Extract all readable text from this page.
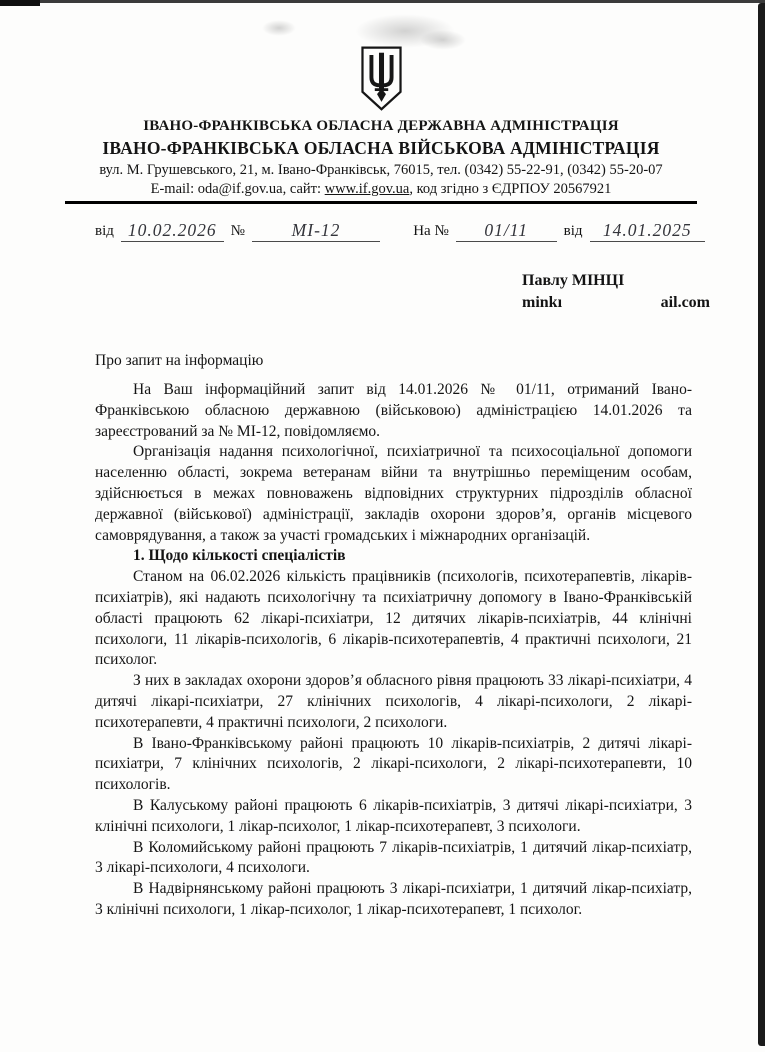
ІВАНО-ФРАНКІВСЬКА ОБЛАСНА ДЕРЖАВНА АДМІНІСТРАЦІЯ
ІВАНО-ФРАНКІВСЬКА ОБЛАСНА ВІЙСЬКОВА АДМІНІСТРАЦІЯ
вул. М. Грушевського, 21, м. Івано-Франківськ, 76015, тел. (0342) 55-22-91, (0342) 55-20-07
E-mail: oda@if.gov.ua, сайт: www.if.gov.ua, код згідно з ЄДРПОУ 20567921
від 10.02.2026 №	МІ-12	На №	01/11	від	14.01.2025
Павлу МІНЦІ
minkı	ail.com
Про запит на інформацію

На Ваш інформаційний запит від 14.01.2026 № 01/11, отриманий Івано-Франківською обласною державною (військовою) адміністрацією 14.01.2026 та зареєстрований за № МІ-12, повідомляємо.

Організація надання психологічної, психіатричної та психосоціальної допомоги населенню області, зокрема ветеранам війни та внутрішньо переміщеним особам, здійснюється в межах повноважень відповідних структурних підрозділів обласної державної (військової) адміністрації, закладів охорони здоров’я, органів місцевого самоврядування, а також за участі громадських і міжнародних організацій.

1. Щодо кількості спеціалістів

Станом на 06.02.2026 кількість працівників (психологів, психотерапевтів, лікарів-психіатрів), які надають психологічну та психіатричну допомогу в Івано-Франківській області працюють 62 лікарі-психіатри, 12 дитячих лікарів-психіатрів, 44 клінічні психологи, 11 лікарів-психологів, 6 лікарів-психотерапевтів, 4 практичні психологи, 21 психолог.

З них в закладах охорони здоров’я обласного рівня працюють 33 лікарі-психіатри, 4 дитячі лікарі-психіатри, 27 клінічних психологів, 4 лікарі-психологи, 2 лікарі-психотерапевти, 4 практичні психологи, 2 психологи.

В Івано-Франківському районі працюють 10 лікарів-психіатрів, 2 дитячі лікарі-психіатри, 7 клінічних психологів, 2 лікарі-психологи, 2 лікарі-психотерапевти, 10 психологів.

В Калуському районі працюють 6 лікарів-психіатрів, 3 дитячі лікарі-психіатри, 3 клінічні психологи, 1 лікар-психолог, 1 лікар-психотерапевт, 3 психологи.

В Коломийському районі працюють 7 лікарів-психіатрів, 1 дитячий лікар-психіатр, 3 лікарі-психологи, 4 психологи.

В Надвірнянському районі працюють 3 лікарі-психіатри, 1 дитячий лікар-психіатр, 3 клінічні психологи, 1 лікар-психолог, 1 лікар-психотерапевт, 1 психолог.
